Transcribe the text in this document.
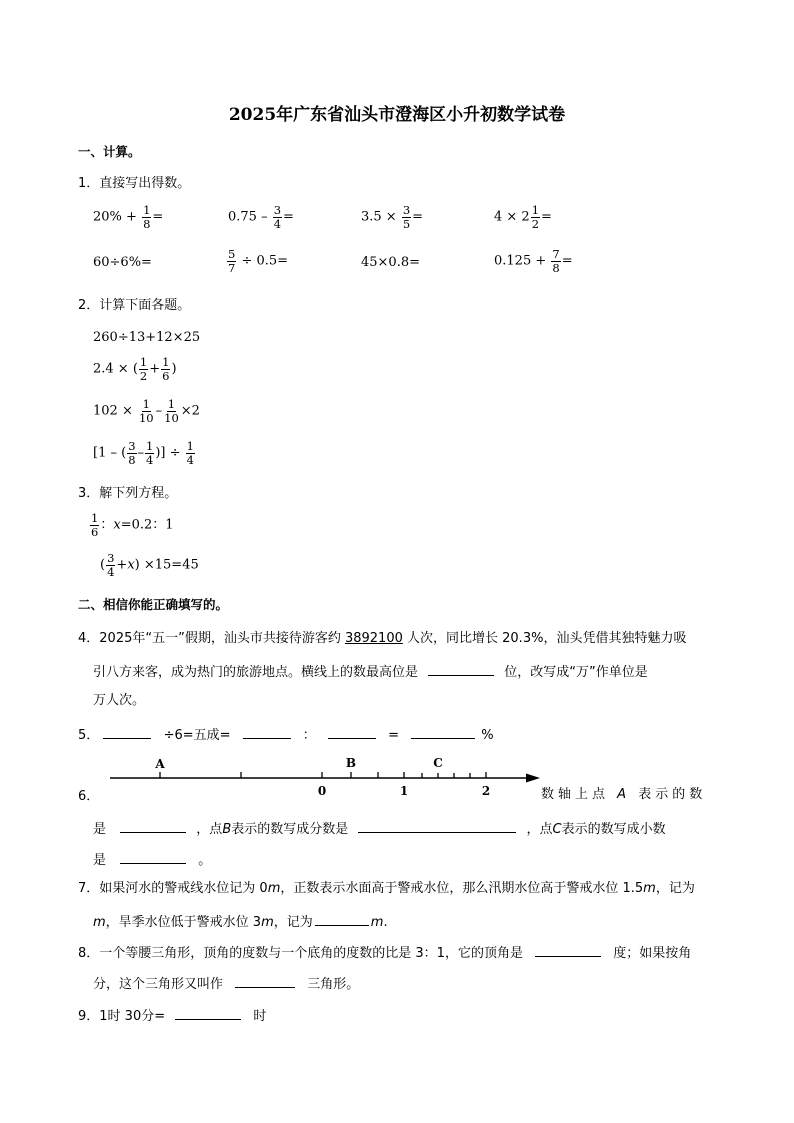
2025年广东省汕头市澄海区小升初数学试卷
一、计算。
1．直接写出得数。
$20\% + \frac{1}{8}$ =	$0.75 - \frac{3}{4}$ =	$3.5 \times \frac{3}{5}$ =	$4 \times 2 \frac{1}{2}$ =
60÷6%=	$\frac{5}{7} \div 0.5=$	45×0.8=	$0.125 + \frac{7}{8}$ =
2．计算下面各题。
260÷13+12×25
2.4 × ( $\frac{1}{2} + \frac{1}{6}$ )
$102 \times \frac{1}{10} - \frac{1}{10} \times 2$
[1 – ( $\frac{3}{8} - \frac{1}{4}$ )] ÷ $\frac{1}{4}$
3．解下列方程。
$\frac{1}{6}$ ：x=0.2：1
( $\frac{3}{4} +x) \times 15=45$
二、相信你能正确填写的。
4．2025年“五一”假期，汕头市共接待游客约 3892100 人次，同比增长 20.3%，汕头凭借其独特魅力吸
引八方来客，成为热门的旅游地点。横线上的数最高位是	位，改写成“万”作单位是
万人次。
5．	÷6=五成=	：	=	%
A	B	C
0	1	2
6．	数轴上点 A 表示的数
是	，点B表示的数写成分数是	，点C表示的数写成小数
是	。
7．如果河水的警戒线水位记为 0m，正数表示水面高于警戒水位，那么汛期水位高于警戒水位 1.5m，记为
m，旱季水位低于警戒水位 3m，记为	m.
8．一个等腰三角形，顶角的度数与一个底角的度数的比是 3：1，它的顶角是	度；如果按角
分，这个三角形又叫作	三角形。
9．1时 30分=	时
